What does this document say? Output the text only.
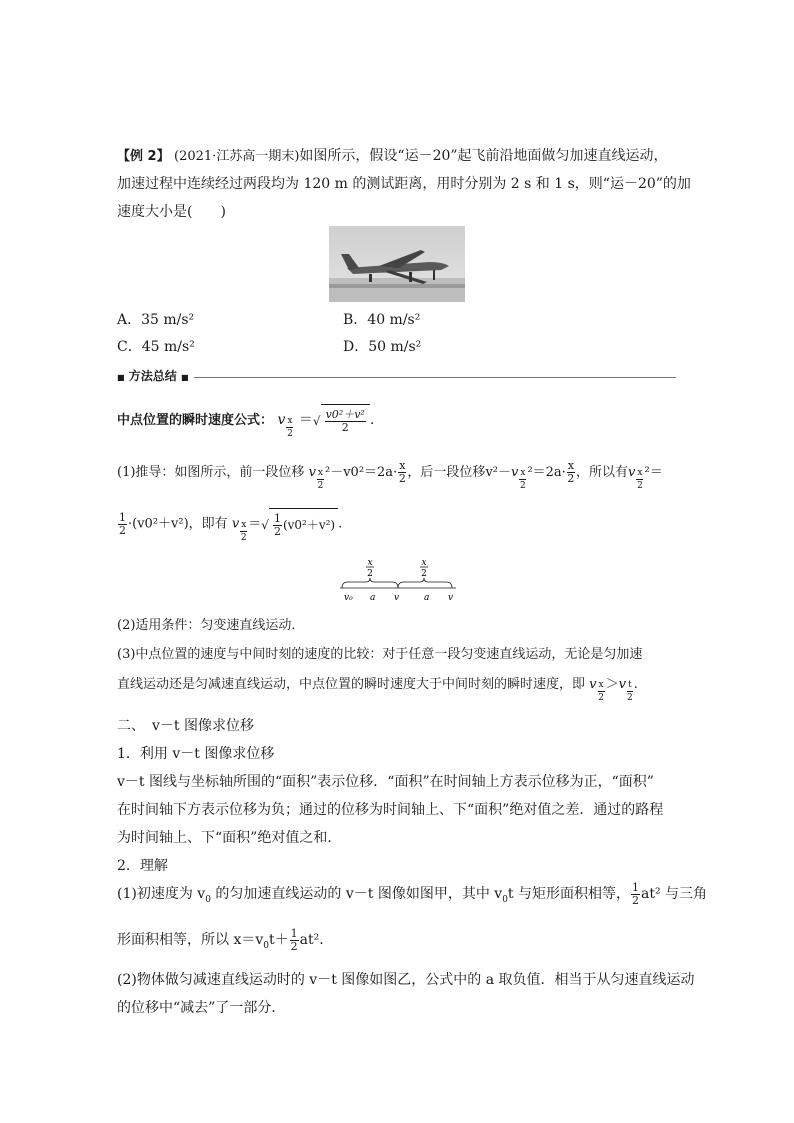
【例 2】 (2021·江苏高一期末)如图所示，假设“运－20”起飞前沿地面做匀加速直线运动，
加速过程中连续经过两段均为 120 m 的测试距离，用时分别为 2 s 和 1 s，则“运－20”的加
速度大小是(　　)
A．35 m/s²	B．40 m/s²
C．45 m/s²	D．50 m/s²
■ 方法总结 ■
中点位置的瞬时速度公式： v $\frac{x}{2}$ ＝√ $\frac{\text{v0²＋v²}}{2}$ .
(1)推导：如图所示，前一段位移 v $\frac{x}{2} ^2-v0^2=2a\cdot \frac{x}{2}$ ，后一段位移$v^2-v \frac{x}{2} ^2=2a\cdot \frac{x}{2}$ ，所以有v $\frac{x}{2} ^2=$
$\frac{1}{2} \cdot(v0^2+v^2)$，即有 v $\frac{x}{2}$ ＝√ $\frac{1}{2} (v0^2+v^2)$ .
x
2
x
2
v₀ a v	a v
(2)适用条件：匀变速直线运动．
(3)中点位置的速度与中间时刻的速度的比较：对于任意一段匀变速直线运动，无论是匀加速
直线运动还是匀减速直线运动，中点位置的瞬时速度大于中间时刻的瞬时速度，即 v $\frac{x}{2} >v \frac{t}{2}$ .
二、　v－t 图像求位移
1．利用 v－t 图像求位移
v－t 图线与坐标轴所围的“面积”表示位移．“面积”在时间轴上方表示位移为正，“面积”
在时间轴下方表示位移为负；通过的位移为时间轴上、下“面积”绝对值之差．通过的路程
为时间轴上、下“面积”绝对值之和．
2．理解
(1)初速度为 $v_0$ 的匀加速直线运动的 v－t 图像如图甲，其中 $v_0t$ 与矩形面积相等， $\frac{1}{2} at^2$ 与三角
形面积相等，所以 $x=v_0t+ \frac{1}{2} at^2$.
(2)物体做匀减速直线运动时的 v－t 图像如图乙，公式中的 a 取负值．相当于从匀速直线运动
的位移中“减去”了一部分．
